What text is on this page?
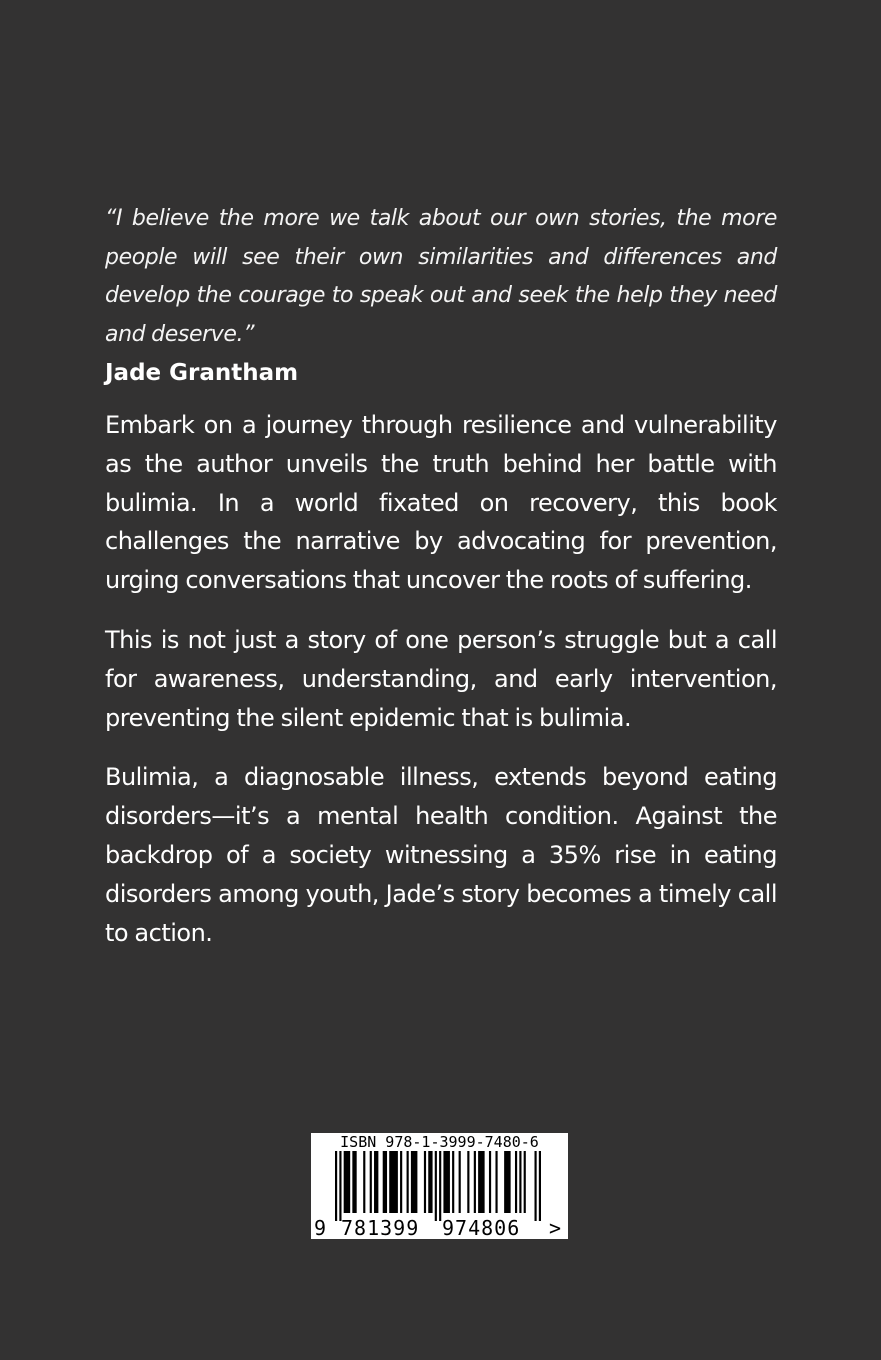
“I believe the more we talk about our own stories, the more people will see their own similarities and differences and develop the courage to speak out and seek the help they need and deserve.”

Jade Grantham

Embark on a journey through resilience and vulnerability as the author unveils the truth behind her battle with bulimia. In a world fixated on recovery, this book challenges the narrative by advocating for prevention, urging conversations that uncover the roots of suffering.

This is not just a story of one person’s struggle but a call for awareness, understanding, and early intervention, preventing the silent epidemic that is bulimia.

Bulimia, a diagnosable illness, extends beyond eating disorders—it’s a mental health condition. Against the backdrop of a society witnessing a 35% rise in eating disorders among youth, Jade’s story becomes a timely call to action.

ISBN 978-1-3999-7480-6
9 781399	974806	>
